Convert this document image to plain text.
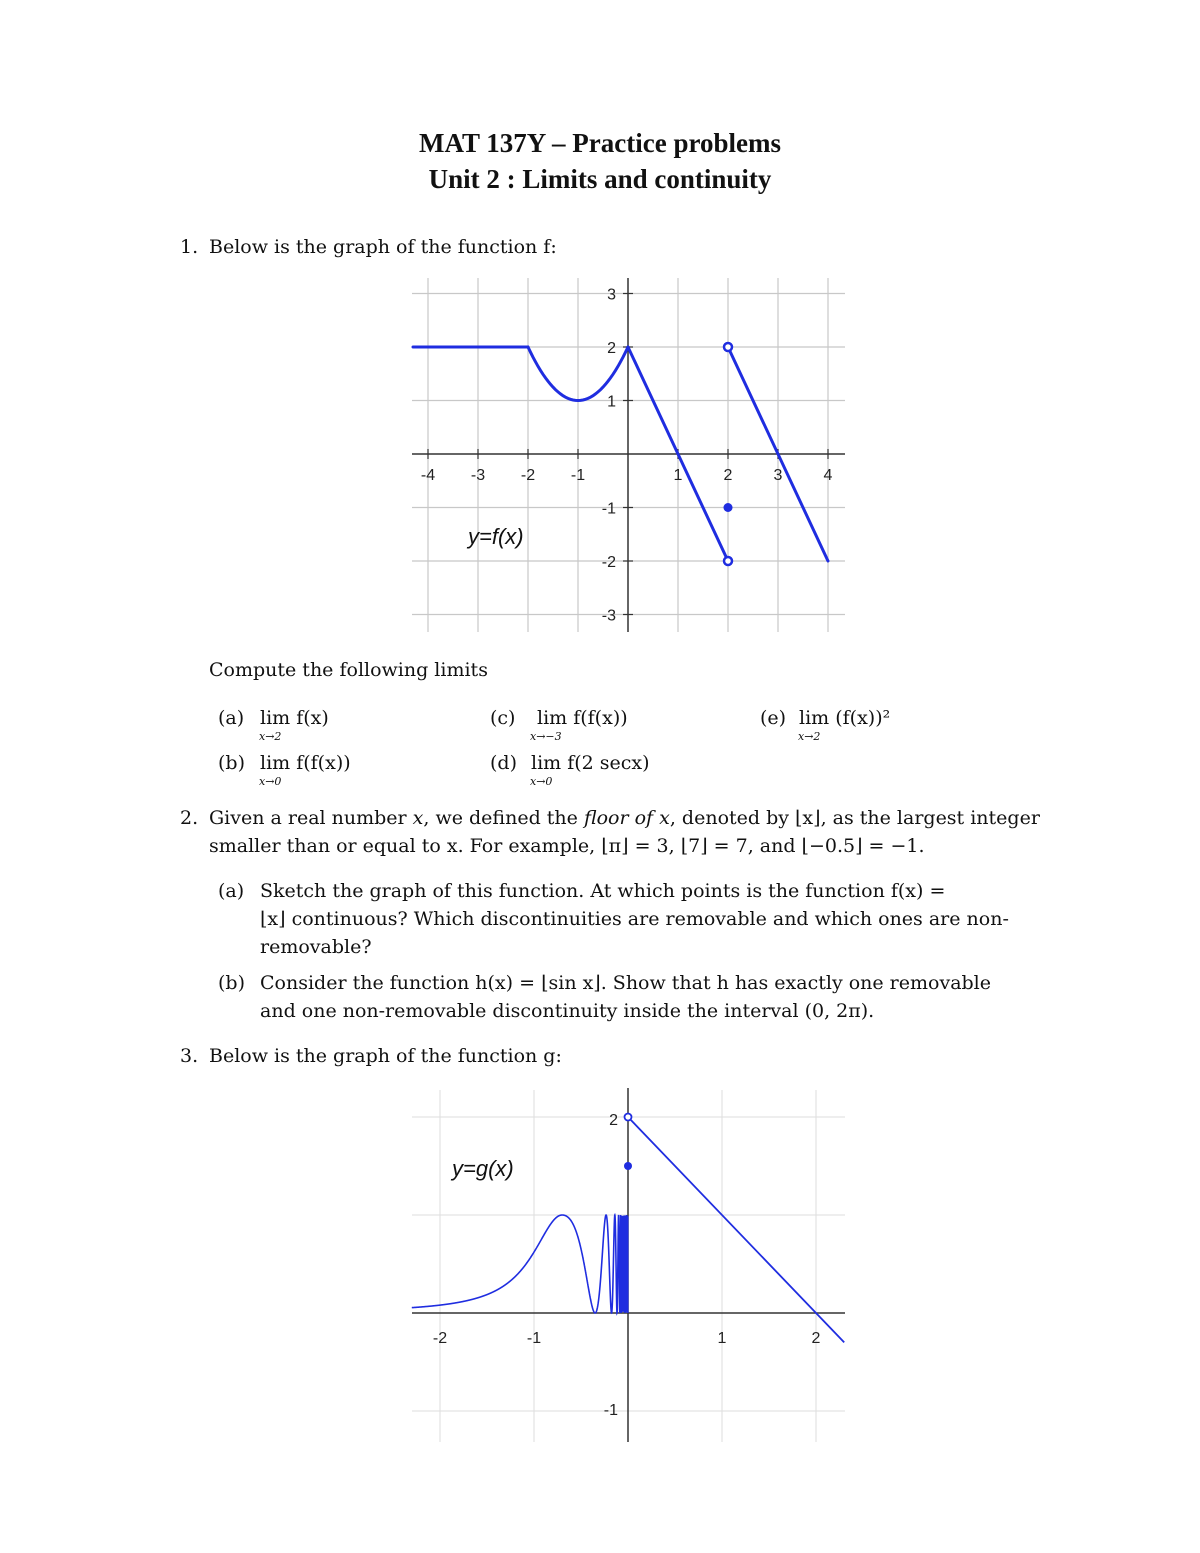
MAT 137Y – Practice problems
Unit 2 : Limits and continuity
1. Below is the graph of the function f:
-4 -3 -2 -1	1	2	3	4
3
2
1
-1
-2
-3
y=f(x)
Compute the following limits
(a) lim f(x)
x→2
(b) lim f(f(x))
x→0
(c) lim f(f(x))
x→−3
(d) lim f(2 secx)
x→0
(e) lim (f(x))²
x→2
2. Given a real number x, we defined the floor of x, denoted by ⌊x⌋, as the largest integer
smaller than or equal to x. For example, ⌊π⌋ = 3, ⌊7⌋ = 7, and ⌊−0.5⌋ = −1.
(a) Sketch the graph of this function. At which points is the function f(x) =
⌊x⌋ continuous? Which discontinuities are removable and which ones are non-
removable?
(b) Consider the function h(x) = ⌊sin x⌋. Show that h has exactly one removable
and one non-removable discontinuity inside the interval (0, 2π).
3. Below is the graph of the function g:
-2	-1	1	2
2
-1
y=g(x)
